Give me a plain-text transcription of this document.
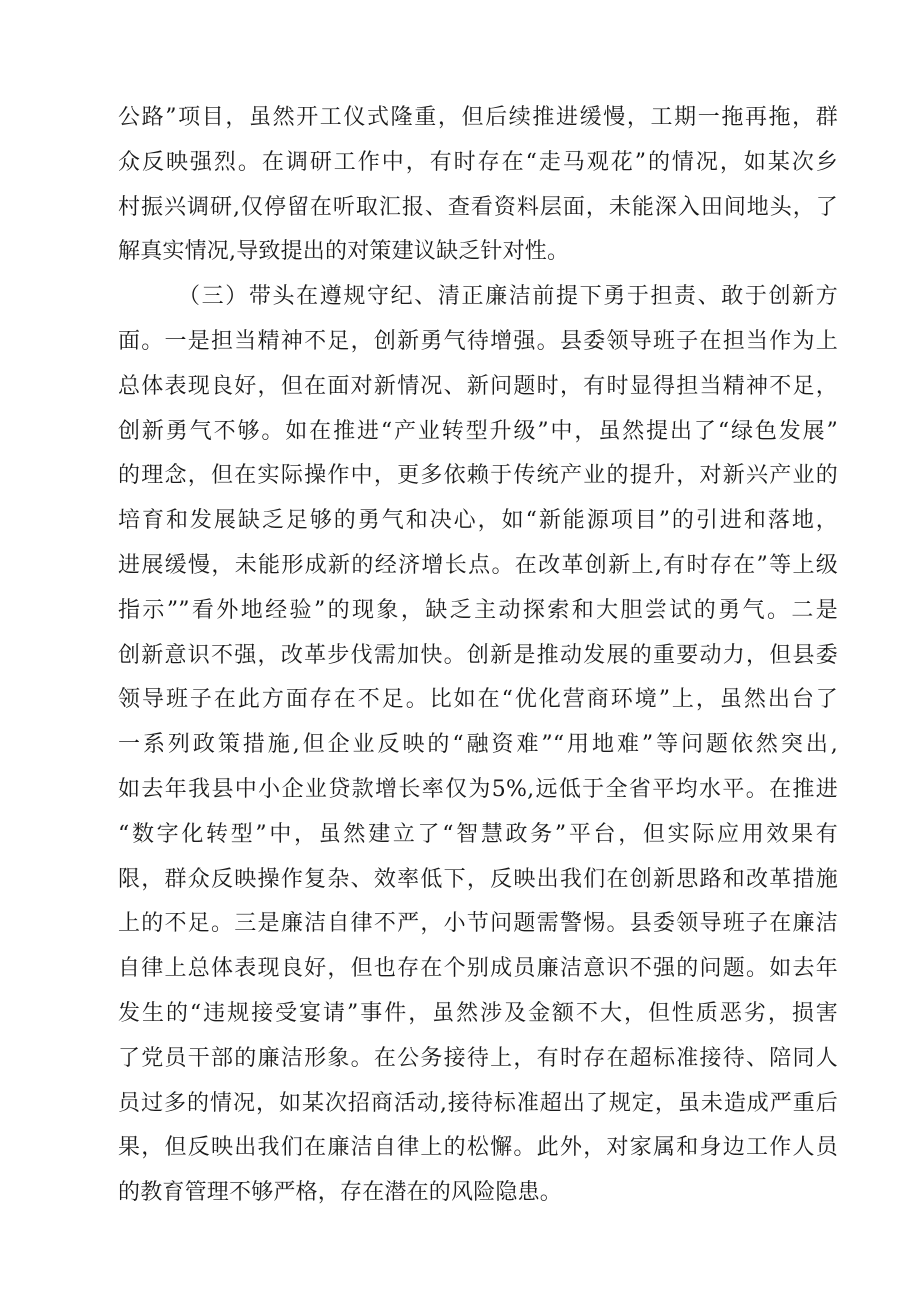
公路”项目，虽然开工仪式隆重，但后续推进缓慢，工期一拖再拖，群
众反映强烈。在调研工作中，有时存在“走马观花”的情况，如某次乡
村振兴调研,仅停留在听取汇报、查看资料层面，未能深入田间地头，了
解真实情况,导致提出的对策建议缺乏针对性。
（三）带头在遵规守纪、清正廉洁前提下勇于担责、敢于创新方
面。一是担当精神不足，创新勇气待增强。县委领导班子在担当作为上
总体表现良好，但在面对新情况、新问题时，有时显得担当精神不足，
创新勇气不够。如在推进“产业转型升级”中，虽然提出了“绿色发展”
的理念，但在实际操作中，更多依赖于传统产业的提升，对新兴产业的
培育和发展缺乏足够的勇气和决心，如“新能源项目”的引进和落地，
进展缓慢，未能形成新的经济增长点。在改革创新上,有时存在”等上级
指示””看外地经验”的现象，缺乏主动探索和大胆尝试的勇气。二是
创新意识不强，改革步伐需加快。创新是推动发展的重要动力，但县委
领导班子在此方面存在不足。比如在“优化营商环境”上，虽然出台了
一系列政策措施,但企业反映的“融资难”“用地难”等问题依然突出,
如去年我县中小企业贷款增长率仅为5%,远低于全省平均水平。在推进
“数字化转型”中，虽然建立了“智慧政务”平台，但实际应用效果有
限，群众反映操作复杂、效率低下，反映出我们在创新思路和改革措施
上的不足。三是廉洁自律不严，小节问题需警惕。县委领导班子在廉洁
自律上总体表现良好，但也存在个别成员廉洁意识不强的问题。如去年
发生的“违规接受宴请”事件，虽然涉及金额不大，但性质恶劣，损害
了党员干部的廉洁形象。在公务接待上，有时存在超标准接待、陪同人
员过多的情况，如某次招商活动,接待标准超出了规定，虽未造成严重后
果，但反映出我们在廉洁自律上的松懈。此外，对家属和身边工作人员
的教育管理不够严格，存在潜在的风险隐患。
